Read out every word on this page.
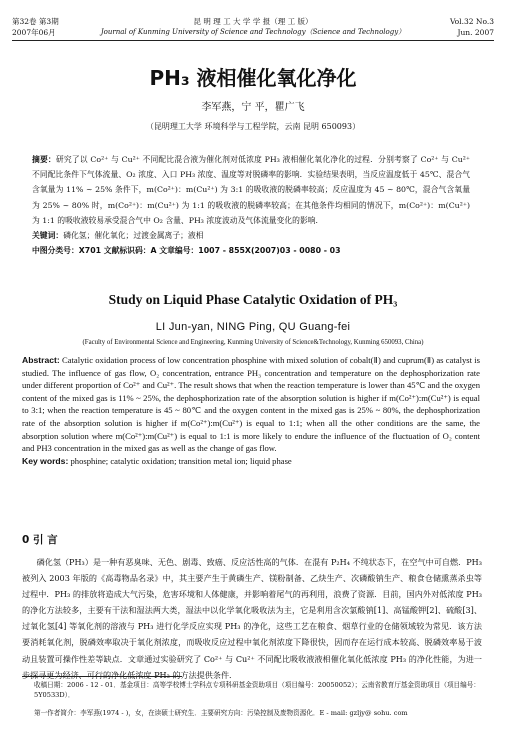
第32卷 第3期	昆 明 理 工 大 学 学 报（理 工 版）	Vol.32 No.3
2007年06月	Journal of Kunming University of Science and Technology（Science and Technology）	Jun. 2007
PH₃ 液相催化氧化净化
李军燕，宁 平，瞿广飞
（昆明理工大学 环境科学与工程学院，云南 昆明 650093）
摘要：研究了以 Co²⁺ 与 Cu²⁺ 不同配比混合液为催化剂对低浓度 PH₃ 液相催化氧化净化的过程．分别考察了 Co²⁺ 与 Cu²⁺ 不同配比条件下气体流量、O₂ 浓度、入口 PH₃ 浓度、温度等对脱磷率的影响．实验结果表明，当反应温度低于 45℃、混合气含氧量为 11% ~ 25% 条件下，m(Co²⁺)：m(Cu²⁺) 为 3:1 的吸收液的脱磷率较高；反应温度为 45 ~ 80℃，混合气含氧量为 25% ~ 80% 时，m(Co²⁺)：m(Cu²⁺) 为 1:1 的吸收液的脱磷率较高；在其他条件均相同的情况下，m(Co²⁺)：m(Cu²⁺) 为 1:1 的吸收液较易承受混合气中 O₂ 含量、PH₃ 浓度波动及气体流量变化的影响．
关键词：磷化氢；催化氧化；过渡金属离子；液相
中图分类号：X701 文献标识码：A 文章编号：1007 - 855X(2007)03 - 0080 - 03
Study on Liquid Phase Catalytic Oxidation of PH₃
LI Jun-yan, NING Ping, QU Guang-fei
(Faculty of Environmental Science and Engineering, Kunming University of Science&Technology, Kunming 650093, China)
Abstract: Catalytic oxidation process of low concentration phosphine with mixed solution of cobalt(Ⅱ) and cuprum(Ⅱ) as catalyst is studied. The influence of gas flow, O₂ concentration, entrance PH₃ concentration and temperature on the dephosphorization rate under different proportion of Co²⁺ and Cu²⁺. The result shows that when the reaction temperature is lower than 45℃ and the oxygen content of the mixed gas is 11% ~ 25%, the dephosphorization rate of the absorption solution is higher if m(Co²⁺):m(Cu²⁺) is equal to 3:1; when the reaction temperature is 45 ~ 80℃ and the oxygen content in the mixed gas is 25% ~ 80%, the dephosphorization rate of the absorption solution is higher if m(Co²⁺):m(Cu²⁺) is equal to 1:1; when all the other conditions are the same, the absorption solution where m(Co²⁺):m(Cu²⁺) is equal to 1:1 is more likely to endure the influence of the fluctuation of O₂ content and PH3 concentration in the mixed gas as well as the change of gas flow.
Key words: phosphine; catalytic oxidation; transition metal ion; liquid phase
0 引 言
磷化氢（PH₃）是一种有恶臭味、无色、剧毒、致癌、反应活性高的气体．在混有 P₂H₄ 不纯状态下，在空气中可自燃．PH₃ 被列入 2003 年版的《高毒物品名录》中，其主要产生于黄磷生产、镁粉制备、乙炔生产、次磷酸钠生产、粮食仓储熏蒸杀虫等过程中．PH₃ 的排放将造成大气污染，危害环境和人体健康，并影响着尾气的再利用，浪费了资源．目前，国内外对低浓度 PH₃ 的净化方法较多，主要有干法和湿法两大类，湿法中以化学氧化吸收法为主，它是利用含次氯酸钠[1]、高锰酸钾[2]、硫酸[3]、过氧化氢[4] 等氧化剂的溶液与 PH₃ 进行化学反应实现 PH₃ 的净化，这些工艺在粮食、烟草行业的仓储领域较为常见．该方法要消耗氧化剂，脱磷效率取决于氧化剂浓度，而吸收反应过程中氧化剂浓度下降很快，因而存在运行成本较高、脱磷效率易于波动且装置可操作性差等缺点．文章通过实验研究了 Co²⁺ 与 Cu²⁺ 不同配比吸收液液相催化氧化低浓度 PH₃ 的净化性能，为进一步探寻更为经济、可行的净化低浓度 PH₃ 的方法提供条件．
收稿日期：2006 - 12 - 01．基金项目：高等学校博士学科点专项科研基金资助项目（项目编号：20050052）；云南省教育厅基金资助项目（项目编号：5Y0533D）．
第一作者简介：李军燕(1974 - )，女，在读硕士研究生．主要研究方向：污染控制及废物资源化．E - mail: gzljy@ sohu. com
